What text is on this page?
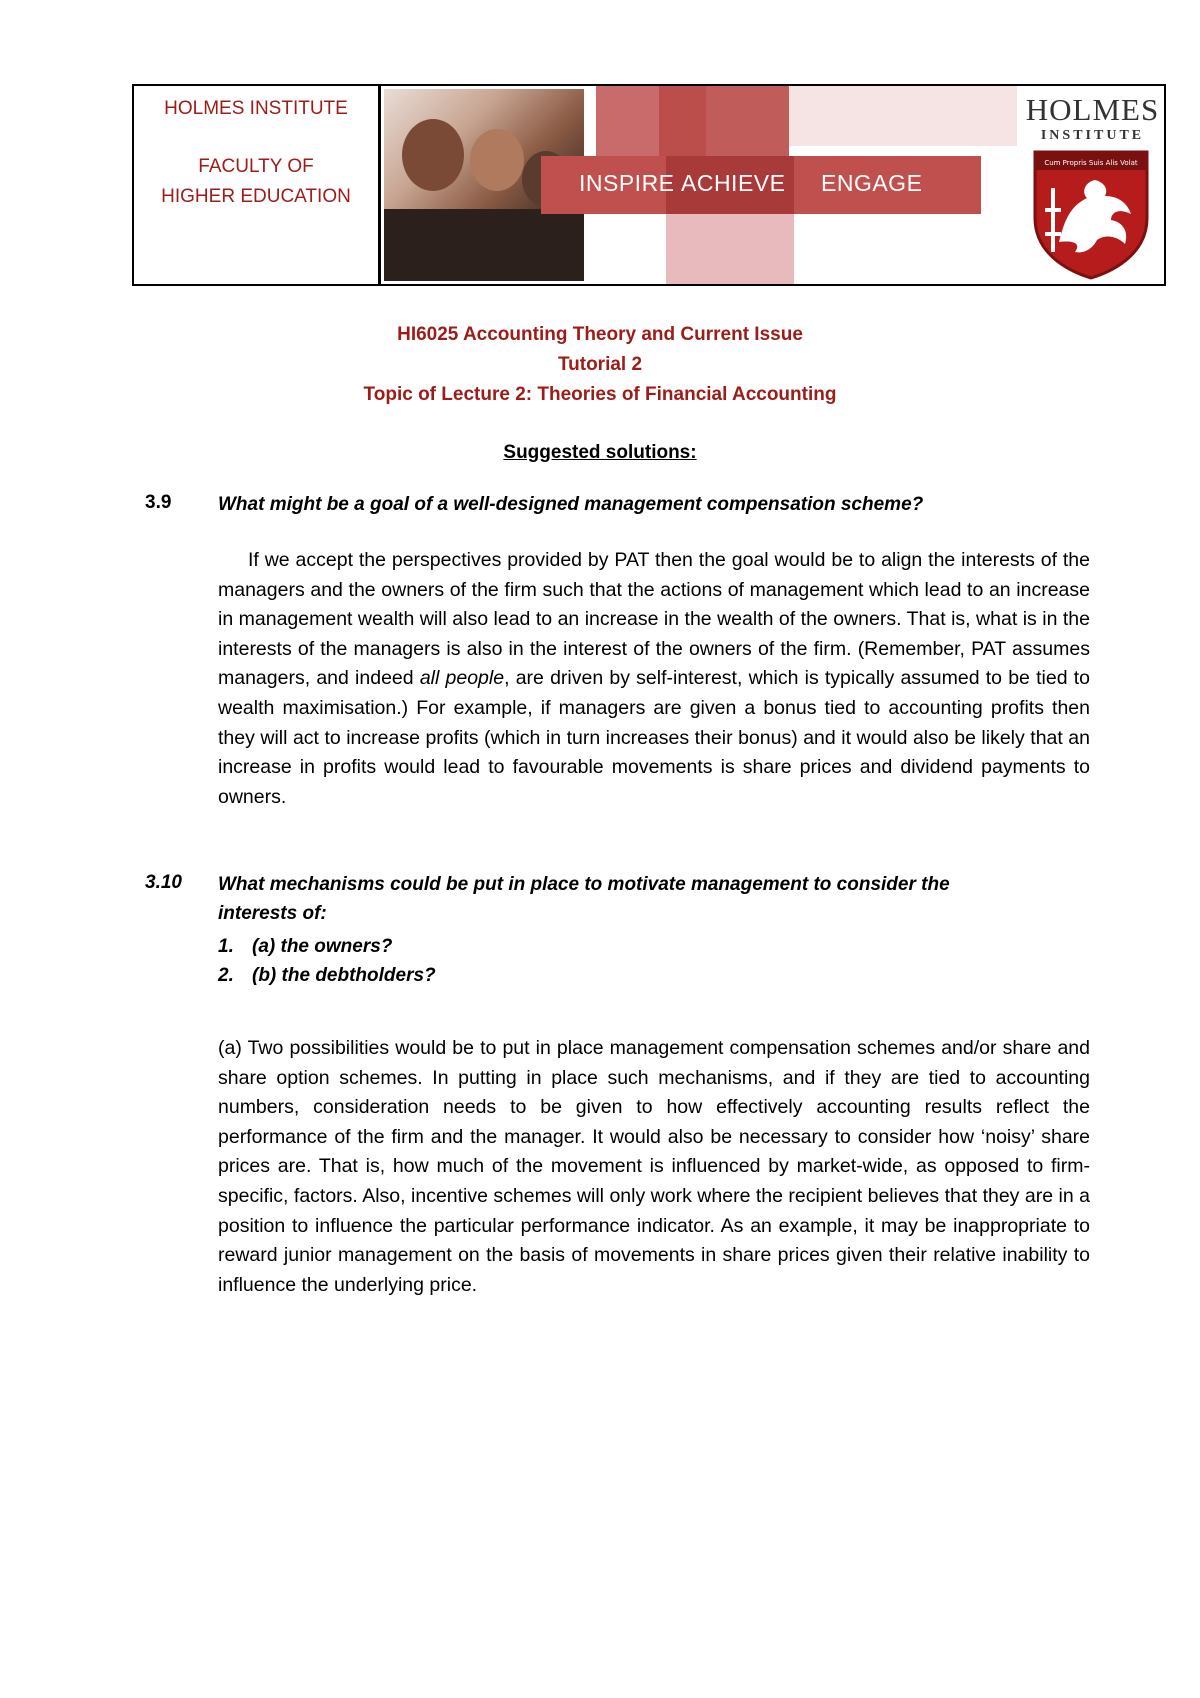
HOLMES INSTITUTE
FACULTY OF
HIGHER EDUCATION
INSPIRE ACHIEVE ENGAGE
HOLMES
INSTITUTE
Cum Propris Suis Alis Volat
HI6025 Accounting Theory and Current Issue
Tutorial 2
Topic of Lecture 2: Theories of Financial Accounting
Suggested solutions:
3.9 What might be a goal of a well-designed management compensation scheme?
If we accept the perspectives provided by PAT then the goal would be to align the interests of the managers and the owners of the firm such that the actions of management which lead to an increase in management wealth will also lead to an increase in the wealth of the owners. That is, what is in the interests of the managers is also in the interest of the owners of the firm. (Remember, PAT assumes managers, and indeed all people, are driven by self-interest, which is typically assumed to be tied to wealth maximisation.) For example, if managers are given a bonus tied to accounting profits then they will act to increase profits (which in turn increases their bonus) and it would also be likely that an increase in profits would lead to favourable movements is share prices and dividend payments to owners.
3.10 What mechanisms could be put in place to motivate management to consider the
interests of:
1. (a) the owners?
2. (b) the debtholders?
(a) Two possibilities would be to put in place management compensation schemes and/or share and share option schemes. In putting in place such mechanisms, and if they are tied to accounting numbers, consideration needs to be given to how effectively accounting results reflect the performance of the firm and the manager. It would also be necessary to consider how ‘noisy’ share prices are. That is, how much of the movement is influenced by market-wide, as opposed to firm-specific, factors. Also, incentive schemes will only work where the recipient believes that they are in a position to influence the particular performance indicator. As an example, it may be inappropriate to reward junior management on the basis of movements in share prices given their relative inability to influence the underlying price.
